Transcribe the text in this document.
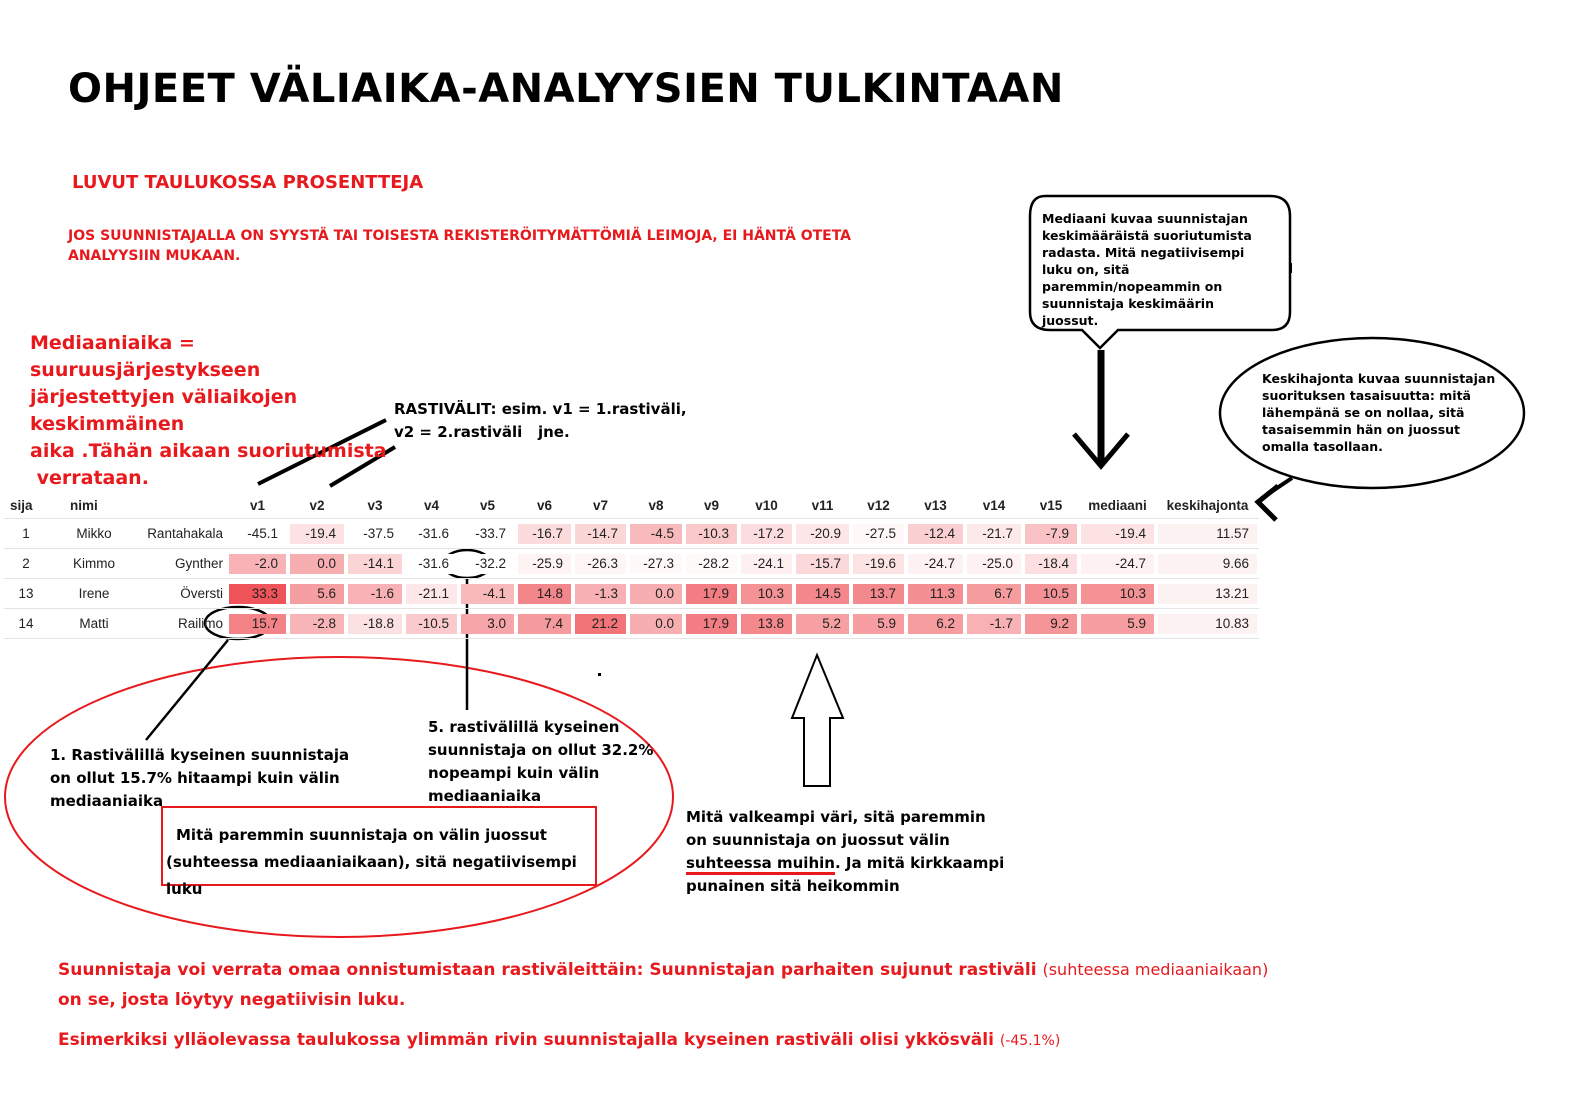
OHJEET VÄLIAIKA-ANALYYSIEN TULKINTAAN
LUVUT TAULUKOSSA PROSENTTEJA
JOS SUUNNISTAJALLA ON SYYSTÄ TAI TOISESTA REKISTERÖITYMÄTTÖMIÄ LEIMOJA, EI HÄNTÄ OTETA ANALYYSIIN MUKAAN.
Mediaaniaika = suuruusjärjestykseen
järjestettyjen väliaikojen keskimmäinen
aika .Tähän aikaan suoriutumista
verrataan.
RASTIVÄLIT: esim. v1 = 1.rastiväli,
v2 = 2.rastiväli   jne.
Mediaani kuvaa suunnistajan keskimääräistä suoriutumista radasta. Mitä negatiivisempi luku on, sitä paremmin/nopeammin on suunnistaja keskimäärin juossut.
Keskihajonta kuvaa suunnistajan suorituksen tasaisuutta: mitä lähempänä se on nollaa, sitä tasaisemmin hän on juossut omalla tasollaan.
sija	nimi		v1	v2	v3	v4	v5	v6	v7	v8	v9	v10	v11	v12	v13	v14	v15	mediaani	keskihajonta
1	Mikko	Rantahakala	-45.1	-19.4	-37.5	-31.6	-33.7	-16.7	-14.7	-4.5	-10.3	-17.2	-20.9	-27.5	-12.4	-21.7	-7.9	-19.4	11.57

2	Kimmo	Gynther	-2.0	0.0	-14.1	-31.6	-32.2	-25.9	-26.3	-27.3	-28.2	-24.1	-15.7	-19.6	-24.7	-25.0	-18.4	-24.7	9.66

13	Irene	Översti	33.3	5.6	-1.6	-21.1	-4.1	14.8	-1.3	0.0	17.9	10.3	14.5	13.7	11.3	6.7	10.5	10.3	13.21

14	Matti	Railimo	15.7	-2.8	-18.8	-10.5	3.0	7.4	21.2	0.0	17.9	13.8	5.2	5.9	6.2	-1.7	9.2	5.9	10.83
1. Rastivälillä kyseinen suunnistaja on ollut 15.7% hitaampi kuin välin mediaaniaika
5. rastivälillä kyseinen suunnistaja on ollut 32.2% nopeampi kuin välin mediaaniaika
Mitä paremmin suunnistaja on välin juossut
(suhteessa mediaaniaikaan), sitä negatiivisempi luku
Mitä valkeampi väri, sitä paremmin on suunnistaja on juossut välin suhteessa muihin. Ja mitä kirkkaampi punainen sitä heikommin
Suunnistaja voi verrata omaa onnistumistaan rastiväleittäin: Suunnistajan parhaiten sujunut rastiväli (suhteessa mediaaniaikaan)
on se, josta löytyy negatiivisin luku.
Esimerkiksi ylläolevassa taulukossa ylimmän rivin suunnistajalla kyseinen rastiväli olisi ykkösväli (-45.1%)
